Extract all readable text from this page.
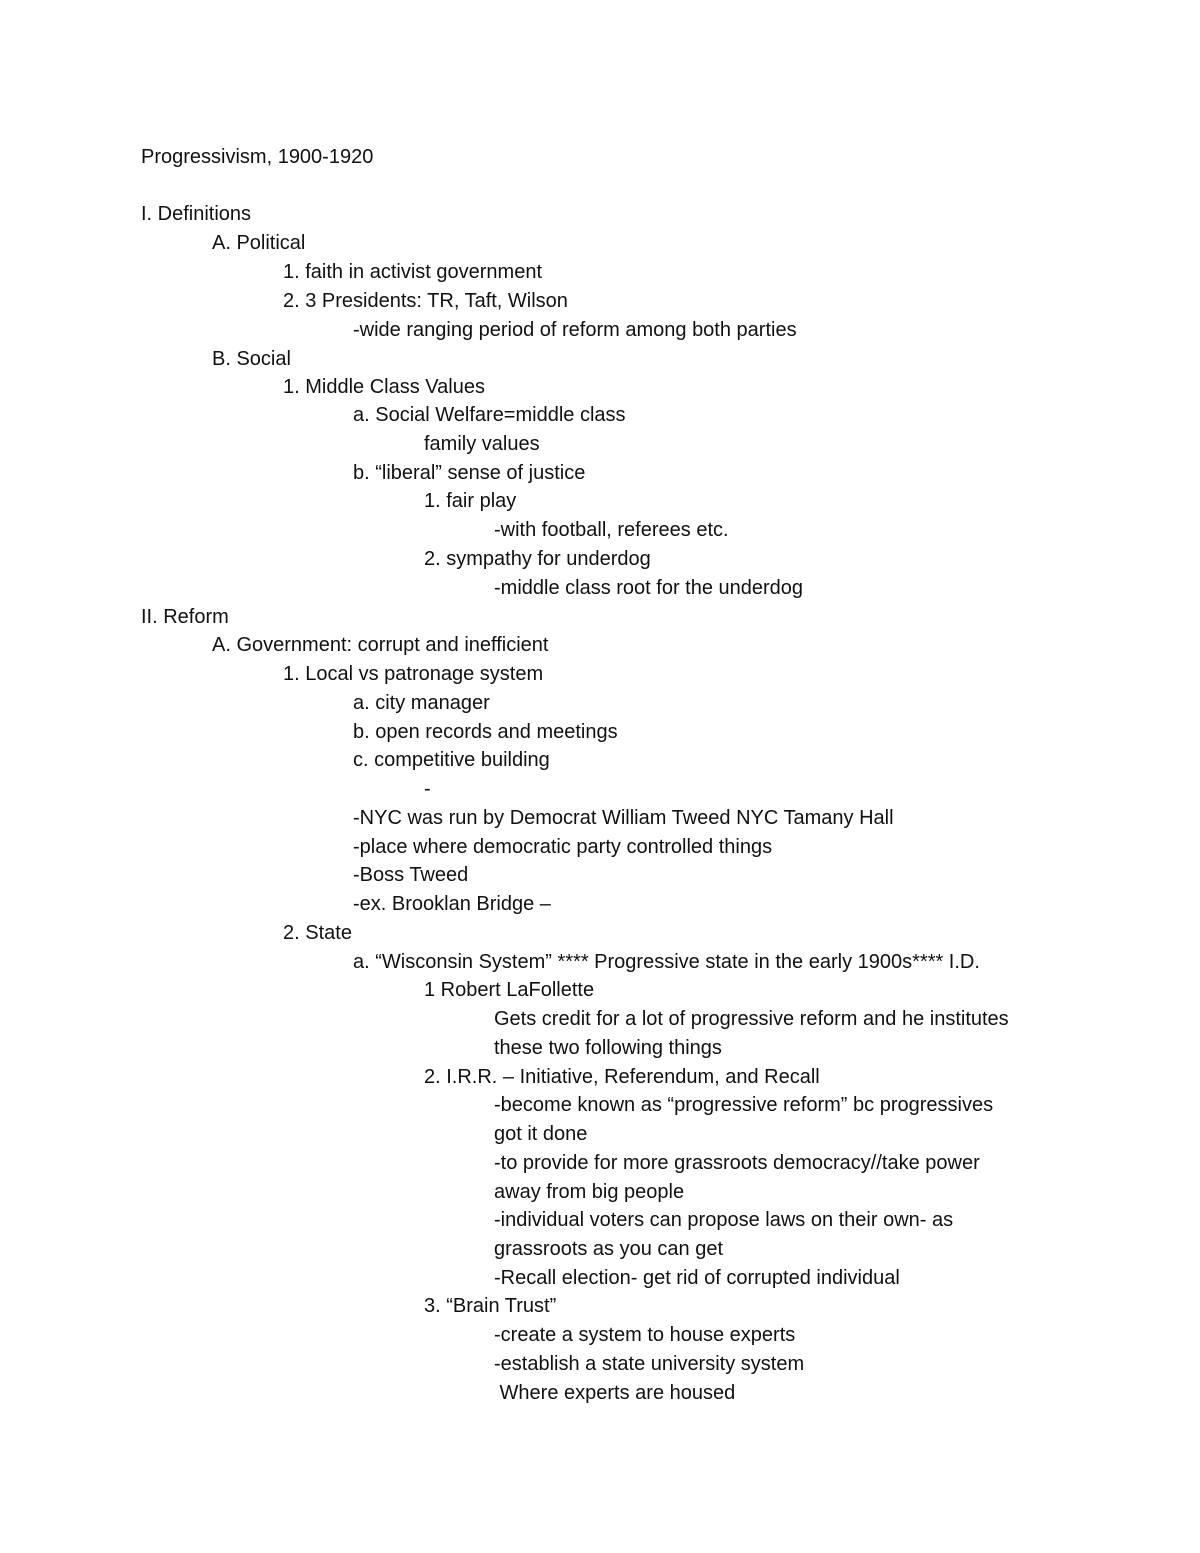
Progressivism, 1900-1920
I. Definitions
A. Political
1. faith in activist government
2. 3 Presidents: TR, Taft, Wilson
-wide ranging period of reform among both parties
B. Social
1. Middle Class Values
a. Social Welfare=middle class
family values
b. “liberal” sense of justice
1. fair play
-with football, referees etc.
2. sympathy for underdog
-middle class root for the underdog
II. Reform
A. Government: corrupt and inefficient
1. Local vs patronage system
a. city manager
b. open records and meetings
c. competitive building
-
-NYC was run by Democrat William Tweed NYC Tamany Hall
-place where democratic party controlled things
-Boss Tweed
-ex. Brooklan Bridge –
2. State
a. “Wisconsin System” **** Progressive state in the early 1900s**** I.D.
1 Robert LaFollette
Gets credit for a lot of progressive reform and he institutes
these two following things
2. I.R.R. – Initiative, Referendum, and Recall
-become known as “progressive reform” bc progressives
got it done
-to provide for more grassroots democracy//take power
away from big people
-individual voters can propose laws on their own- as
grassroots as you can get
-Recall election- get rid of corrupted individual
3. “Brain Trust”
-create a system to house experts
-establish a state university system
Where experts are housed
